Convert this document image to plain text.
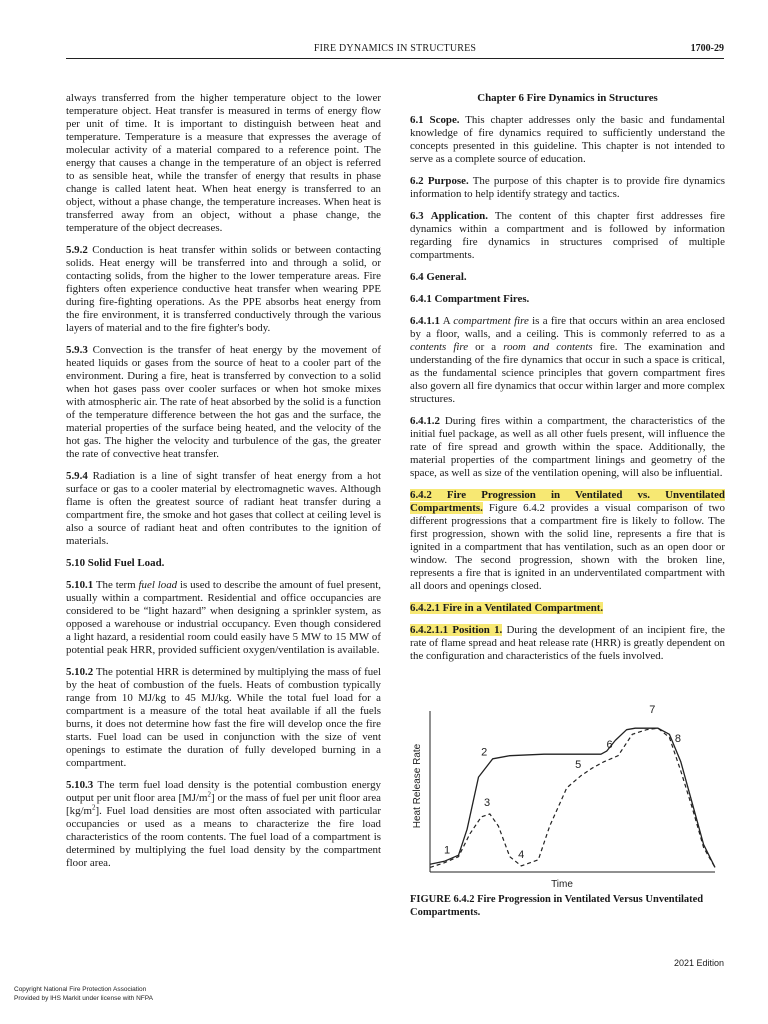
FIRE DYNAMICS IN STRUCTURES	1700-29

always transferred from the higher temperature object to the lower temperature object. Heat transfer is measured in terms of energy flow per unit of time. It is important to distinguish between heat and temperature. Temperature is a measure that expresses the average of molecular activity of a material compared to a reference point. The energy that causes a change in the temperature of an object is referred to as sensible heat, while the transfer of energy that results in phase change is called latent heat. When heat energy is transferred to an object, without a phase change, the temperature increases. When heat is transferred away from an object, without a phase change, the temperature of the object decreases.

5.9.2 Conduction is heat transfer within solids or between contacting solids. Heat energy will be transferred into and through a solid, or contacting solids, from the higher to the lower temperature areas. Fire fighters often experience conductive heat transfer when wearing PPE during fire-fighting operations. As the PPE absorbs heat energy from the fire environment, it is transferred conductively through the various layers of material and to the fire fighter's body.

5.9.3 Convection is the transfer of heat energy by the movement of heated liquids or gases from the source of heat to a cooler part of the environment. During a fire, heat is transferred by convection to a solid when hot gases pass over cooler surfaces or when hot smoke mixes with atmospheric air. The rate of heat absorbed by the solid is a function of the temperature difference between the hot gas and the surface, the material properties of the surface being heated, and the velocity of the hot gas. The higher the velocity and turbulence of the gas, the greater the rate of convective heat transfer.

5.9.4 Radiation is a line of sight transfer of heat energy from a hot surface or gas to a cooler material by electromagnetic waves. Although flame is often the greatest source of radiant heat transfer during a compartment fire, the smoke and hot gases that collect at ceiling level is also a source of radiant heat and often contributes to the ignition of materials.

5.10 Solid Fuel Load.

5.10.1 The term fuel load is used to describe the amount of fuel present, usually within a compartment. Residential and office occupancies are considered to be “light hazard” when designing a sprinkler system, as opposed a warehouse or industrial occupancy. Even though considered a light hazard, a residential room could easily have 5 MW to 15 MW of potential peak HRR, provided sufficient oxygen/ventilation is available.

5.10.2 The potential HRR is determined by multiplying the mass of fuel by the heat of combustion of the fuels. Heats of combustion typically range from 10 MJ/kg to 45 MJ/kg. While the total fuel load for a compartment is a measure of the total heat available if all the fuels burns, it does not determine how fast the fire will develop once the fire starts. Fuel load can be used in conjunction with the size of vent openings to estimate the duration of fully developed burning in a compartment.

5.10.3 The term fuel load density is the potential combustion energy output per unit floor area $[MJ/m^2]$ or the mass of fuel per unit floor area $[kg/m^2]$. Fuel load densities are most often associated with particular occupancies or used as a means to characterize the fire load characteristics of the room contents. The fuel load of a compartment is determined by multiplying the fuel load density by the compartment floor area.

Chapter 6 Fire Dynamics in Structures

6.1 Scope. This chapter addresses only the basic and fundamental knowledge of fire dynamics required to sufficiently understand the concepts presented in this guideline. This chapter is not intended to serve as a complete source of education.

6.2 Purpose. The purpose of this chapter is to provide fire dynamics information to help identify strategy and tactics.

6.3 Application. The content of this chapter first addresses fire dynamics within a compartment and is followed by information regarding fire dynamics in structures comprised of multiple compartments.

6.4 General.

6.4.1 Compartment Fires.

6.4.1.1 A compartment fire is a fire that occurs within an area enclosed by a floor, walls, and a ceiling. This is commonly referred to as a contents fire or a room and contents fire. The examination and understanding of the fire dynamics that occur in such a space is critical, as the fundamental science principles that govern compartment fires also govern all fire dynamics that occur within larger and more complex structures.

6.4.1.2 During fires within a compartment, the characteristics of the initial fuel package, as well as all other fuels present, will influence the rate of fire spread and growth within the space. Additionally, the material properties of the compartment linings and geometry of the space, as well as size of the ventilation opening, will also be influential.

6.4.2 Fire Progression in Ventilated vs. Unventilated Compartments. Figure 6.4.2 provides a visual comparison of two different progressions that a compartment fire is likely to follow. The first progression, shown with the solid line, represents a fire that is ignited in a compartment that has ventilation, such as an open door or window. The second progression, shown with the broken line, represents a fire that is ignited in an underventilated compartment with all doors and openings closed.

6.4.2.1 Fire in a Ventilated Compartment.

6.4.2.1.1 Position 1. During the development of an incipient fire, the rate of flame spread and heat release rate (HRR) is greatly dependent on the configuration and characteristics of the fuels involved.

1
2
3
4
5
6
7
8
Heat Release Rate
Time
FIGURE 6.4.2 Fire Progression in Ventilated Versus Unventilated Compartments.
2021 Edition
Copyright National Fire Protection Association
Provided by IHS Markit under license with NFPA
